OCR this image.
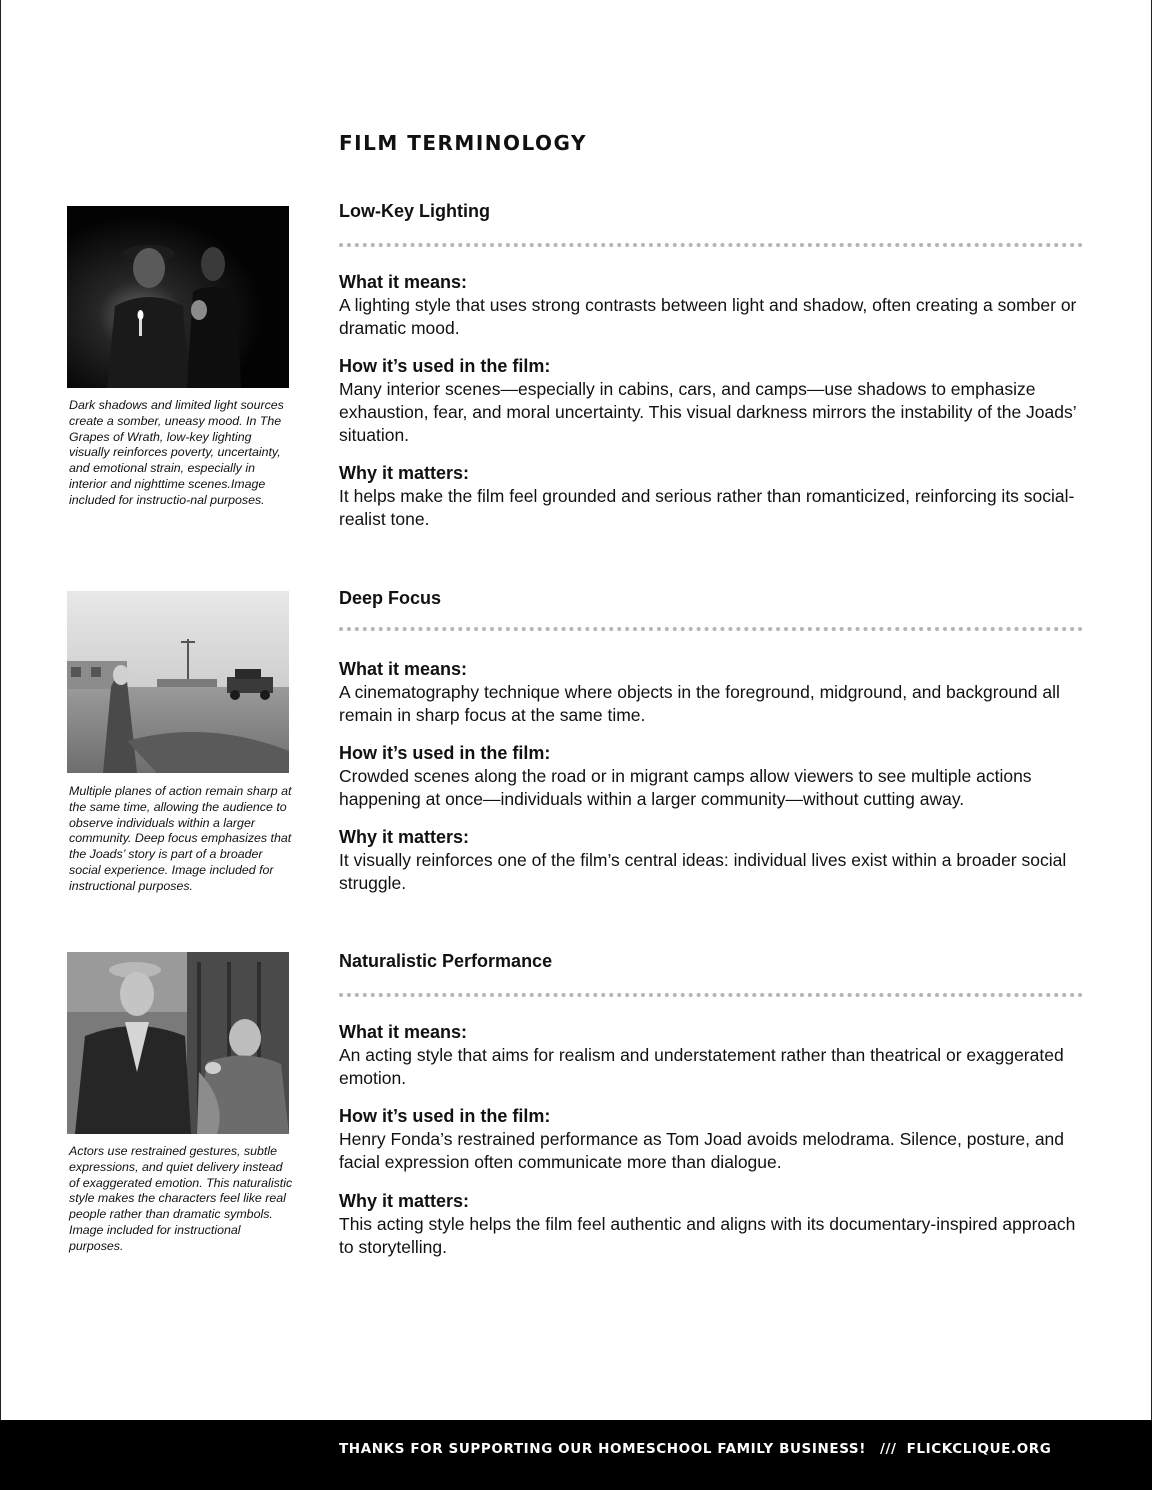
FILM TERMINOLOGY
Dark shadows and limited light sources create a somber, uneasy mood. In The Grapes of Wrath, low-key lighting visually reinforces poverty, uncertainty, and emotional strain, especially in interior and nighttime scenes.Image included for instructio-nal purposes.
Low-Key Lighting
What it means:
A lighting style that uses strong contrasts between light and shadow, often creating a somber or dramatic mood.
How it’s used in the film:
Many interior scenes—especially in cabins, cars, and camps—use shadows to emphasize exhaustion, fear, and moral uncertainty. This visual darkness mirrors the instability of the Joads’ situation.
Why it matters:
It helps make the film feel grounded and serious rather than romanticized, reinforcing its social-realist tone.
Multiple planes of action remain sharp at the same time, allowing the audience to observe individuals within a larger community. Deep focus emphasizes that the Joads’ story is part of a broader social experience. Image included for instructional purposes.
Deep Focus
What it means:
A cinematography technique where objects in the foreground, midground, and background all remain in sharp focus at the same time.
How it’s used in the film:
Crowded scenes along the road or in migrant camps allow viewers to see multiple actions happening at once—individuals within a larger community—without cutting away.
Why it matters:
It visually reinforces one of the film’s central ideas: individual lives exist within a broader social struggle.
Actors use restrained gestures, subtle expressions, and quiet delivery instead of exaggerated emotion. This naturalistic style makes the characters feel like real people rather than dramatic symbols. Image included for instructional purposes.
Naturalistic Performance
What it means:
An acting style that aims for realism and understatement rather than theatrical or exaggerated emotion.
How it’s used in the film:
Henry Fonda’s restrained performance as Tom Joad avoids melodrama. Silence, posture, and facial expression often communicate more than dialogue.
Why it matters:
This acting style helps the film feel authentic and aligns with its documentary-inspired approach to storytelling.
THANKS FOR SUPPORTING OUR HOMESCHOOL FAMILY BUSINESS! /// FLICKCLIQUE.ORG
